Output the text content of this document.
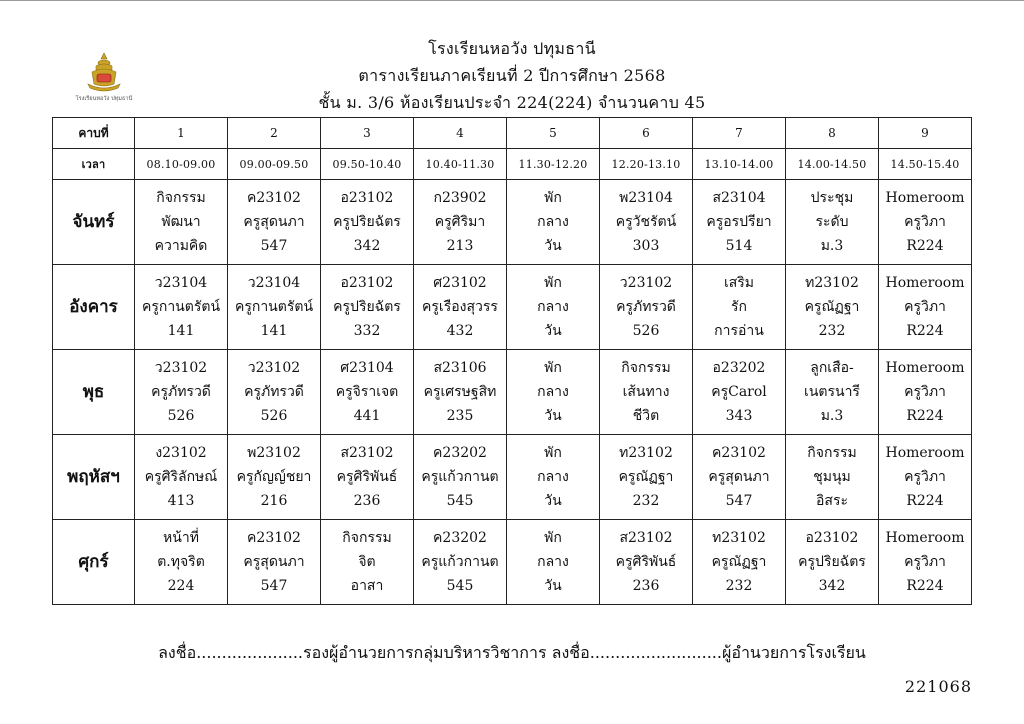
โรงเรียนหอวัง ปทุมธานี
โรงเรียนหอวัง ปทุมธานี
ตารางเรียนภาคเรียนที่ 2 ปีการศึกษา 2568
ชั้น ม. 3/6 ห้องเรียนประจำ 224(224) จำนวนคาบ 45
คาบที่	1	2	3	4	5	6	7	8	9
เวลา	08.10-09.00	09.00-09.50	09.50-10.40	10.40-11.30	11.30-12.20	12.20-13.10	13.10-14.00	14.00-14.50	14.50-15.40
จันทร์	กิจกรรม
พัฒนา
ความคิด	ค23102
ครูสุดนภา
547	อ23102
ครูปริยฉัตร
342	ก23902
ครูศิริมา
213	พัก
กลาง
วัน	พ23104
ครูวัชรัตน์
303	ส23104
ครูอรปรียา
514	ประชุม
ระดับ
ม.3	Homeroom
ครูวิภา
R224

อังคาร	ว23104
ครูกานตรัตน์
141	ว23104
ครูกานตรัตน์
141	อ23102
ครูปริยฉัตร
332	ศ23102
ครูเรืองสุวรร
432	พัก
กลาง
วัน	ว23102
ครูภัทรวดี
526	เสริม
รัก
การอ่าน	ท23102
ครูณัฏฐา
232	Homeroom
ครูวิภา
R224

พุธ	ว23102
ครูภัทรวดี
526	ว23102
ครูภัทรวดี
526	ศ23104
ครูจิราเจต
441	ส23106
ครูเศรษฐสิท
235	พัก
กลาง
วัน	กิจกรรม
เส้นทาง
ชีวิต	อ23202
ครูCarol
343	ลูกเสือ-
เนตรนารี
ม.3	Homeroom
ครูวิภา
R224

พฤหัสฯ	ง23102
ครูศิริลักษณ์
413	พ23102
ครูกัญญ์ชยา
216	ส23102
ครูศิริพันธ์
236	ค23202
ครูแก้วกานต
545	พัก
กลาง
วัน	ท23102
ครูณัฏฐา
232	ค23102
ครูสุดนภา
547	กิจกรรม
ชุมนุม
อิสระ	Homeroom
ครูวิภา
R224

ศุกร์	หน้าที่
ต.ทุจริต
224	ค23102
ครูสุดนภา
547	กิจกรรม
จิต
อาสา	ค23202
ครูแก้วกานต
545	พัก
กลาง
วัน	ส23102
ครูศิริพันธ์
236	ท23102
ครูณัฏฐา
232	อ23102
ครูปริยฉัตร
342	Homeroom
ครูวิภา
R224
ลงชื่อ.....................รองผู้อำนวยการกลุ่มบริหารวิชาการ ลงชื่อ..........................ผู้อำนวยการโรงเรียน
221068
